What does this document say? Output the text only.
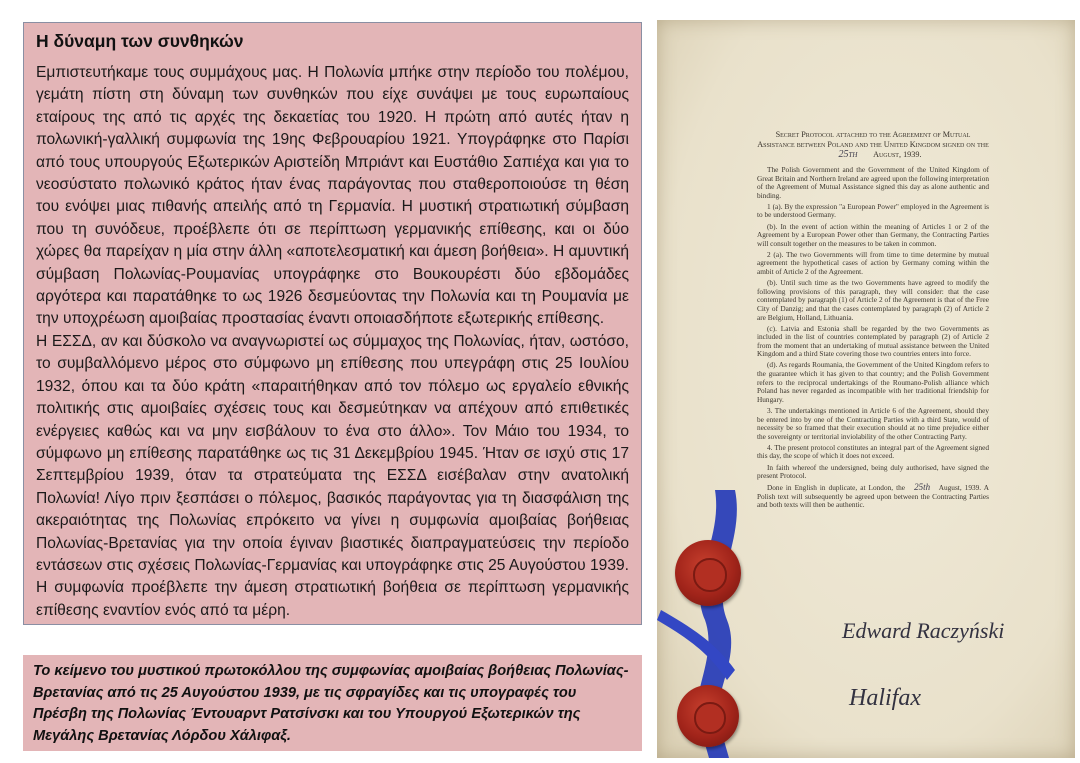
Η δύναμη των συνθηκών

Εμπιστευτήκαμε τους συμμάχους μας. Η Πολωνία μπήκε στην περίοδο του πολέμου, γεμάτη πίστη στη δύναμη των συνθηκών που είχε συνάψει με τους ευρωπαίους εταίρους της από τις αρχές της δεκαετίας του 1920. Η πρώτη από αυτές ήταν η πολωνική-γαλλική συμφωνία της 19ης Φεβρουαρίου 1921. Υπογράφηκε στο Παρίσι από τους υπουργούς Εξωτερικών Αριστείδη Μπριάντ και Ευστάθιο Σαπιέχα και για το νεοσύστατο πολωνικό κράτος ήταν ένας παράγοντας που σταθεροποιούσε τη θέση του ενόψει μιας πιθανής απειλής από τη Γερμανία. Η μυστική στρατιωτική σύμβαση που τη συνόδευε, προέβλεπε ότι σε περίπτωση γερμανικής επίθεσης, και οι δύο χώρες θα παρείχαν η μία στην άλλη «αποτελεσματική και άμεση βοήθεια». Η αμυντική σύμβαση Πολωνίας-Ρουμανίας υπογράφηκε στο Βουκουρέστι δύο εβδομάδες αργότερα και παρατάθηκε το ως 1926 δεσμεύοντας την Πολωνία και τη Ρουμανία με την υποχρέωση αμοιβαίας προστασίας έναντι οποιασδήποτε εξωτερικής επίθεσης.

Η ΕΣΣΔ, αν και δύσκολο να αναγνωριστεί ως σύμμαχος της Πολωνίας, ήταν, ωστόσο, το συμβαλλόμενο μέρος στο σύμφωνο μη επίθεσης που υπεγράφη στις 25 Ιουλίου 1932, όπου και τα δύο κράτη «παραιτήθηκαν από τον πόλεμο ως εργαλείο εθνικής πολιτικής στις αμοιβαίες σχέσεις τους και δεσμεύτηκαν να απέχουν από επιθετικές ενέργειες καθώς και να μην εισβάλουν το ένα στο άλλο». Τον Μάιο του 1934, το σύμφωνο μη επίθεσης παρατάθηκε ως τις 31 Δεκεμβρίου 1945. Ήταν σε ισχύ στις 17 Σεπτεμβρίου 1939, όταν τα στρατεύματα της ΕΣΣΔ εισέβαλαν στην ανατολική Πολωνία! Λίγο πριν ξεσπάσει ο πόλεμος, βασικός παράγοντας για τη διασφάλιση της ακεραιότητας της Πολωνίας επρόκειτο να γίνει η συμφωνία αμοιβαίας βοήθειας Πολωνίας-Βρετανίας για την οποία έγιναν βιαστικές διαπραγματεύσεις την περίοδο εντάσεων στις σχέσεις Πολωνίας-Γερμανίας και υπογράφηκε στις 25 Αυγούστου 1939. Η συμφωνία προέβλεπε την άμεση στρατιωτική βοήθεια σε περίπτωση γερμανικής επίθεσης εναντίον ενός από τα μέρη.

Το κείμενο του μυστικού πρωτοκόλλου της συμφωνίας αμοιβαίας βοήθειας Πολωνίας-Βρετανίας από τις 25 Αυγούστου 1939, με τις σφραγίδες και τις υπογραφές του Πρέσβη της Πολωνίας Έντουαρντ Ρατσίνσκι και του Υπουργού Εξωτερικών της Μεγάλης Βρετανίας Λόρδου Χάλιφαξ.
Secret Protocol attached to the Agreement of Mutual Assistance between Poland and the United Kingdom signed on the 25th August, 1939.

The Polish Government and the Government of the United Kingdom of Great Britain and Northern Ireland are agreed upon the following interpretation of the Agreement of Mutual Assistance signed this day as alone authentic and binding.

1 (a). By the expression "a European Power" employed in the Agreement is to be understood Germany.

(b). In the event of action within the meaning of Articles 1 or 2 of the Agreement by a European Power other than Germany, the Contracting Parties will consult together on the measures to be taken in common.

2 (a). The two Governments will from time to time determine by mutual agreement the hypothetical cases of action by Germany coming within the ambit of Article 2 of the Agreement.

(b). Until such time as the two Governments have agreed to modify the following provisions of this paragraph, they will consider: that the case contemplated by paragraph (1) of Article 2 of the Agreement is that of the Free City of Danzig; and that the cases contemplated by paragraph (2) of Article 2 are Belgium, Holland, Lithuania.

(c). Latvia and Estonia shall be regarded by the two Governments as included in the list of countries contemplated by paragraph (2) of Article 2 from the moment that an undertaking of mutual assistance between the United Kingdom and a third State covering those two countries enters into force.

(d). As regards Roumania, the Government of the United Kingdom refers to the guarantee which it has given to that country; and the Polish Government refers to the reciprocal undertakings of the Roumano-Polish alliance which Poland has never regarded as incompatible with her traditional friendship for Hungary.

3. The undertakings mentioned in Article 6 of the Agreement, should they be entered into by one of the Contracting Parties with a third State, would of necessity be so framed that their execution should at no time prejudice either the sovereignty or territorial inviolability of the other Contracting Party.

4. The present protocol constitutes an integral part of the Agreement signed this day, the scope of which it does not exceed.

In faith whereof the undersigned, being duly authorised, have signed the present Protocol.

Done in English in duplicate, at London, the 25th August, 1939. A Polish text will subsequently be agreed upon between the Contracting Parties and both texts will then be authentic.

Edward Raczyński
Halifax
